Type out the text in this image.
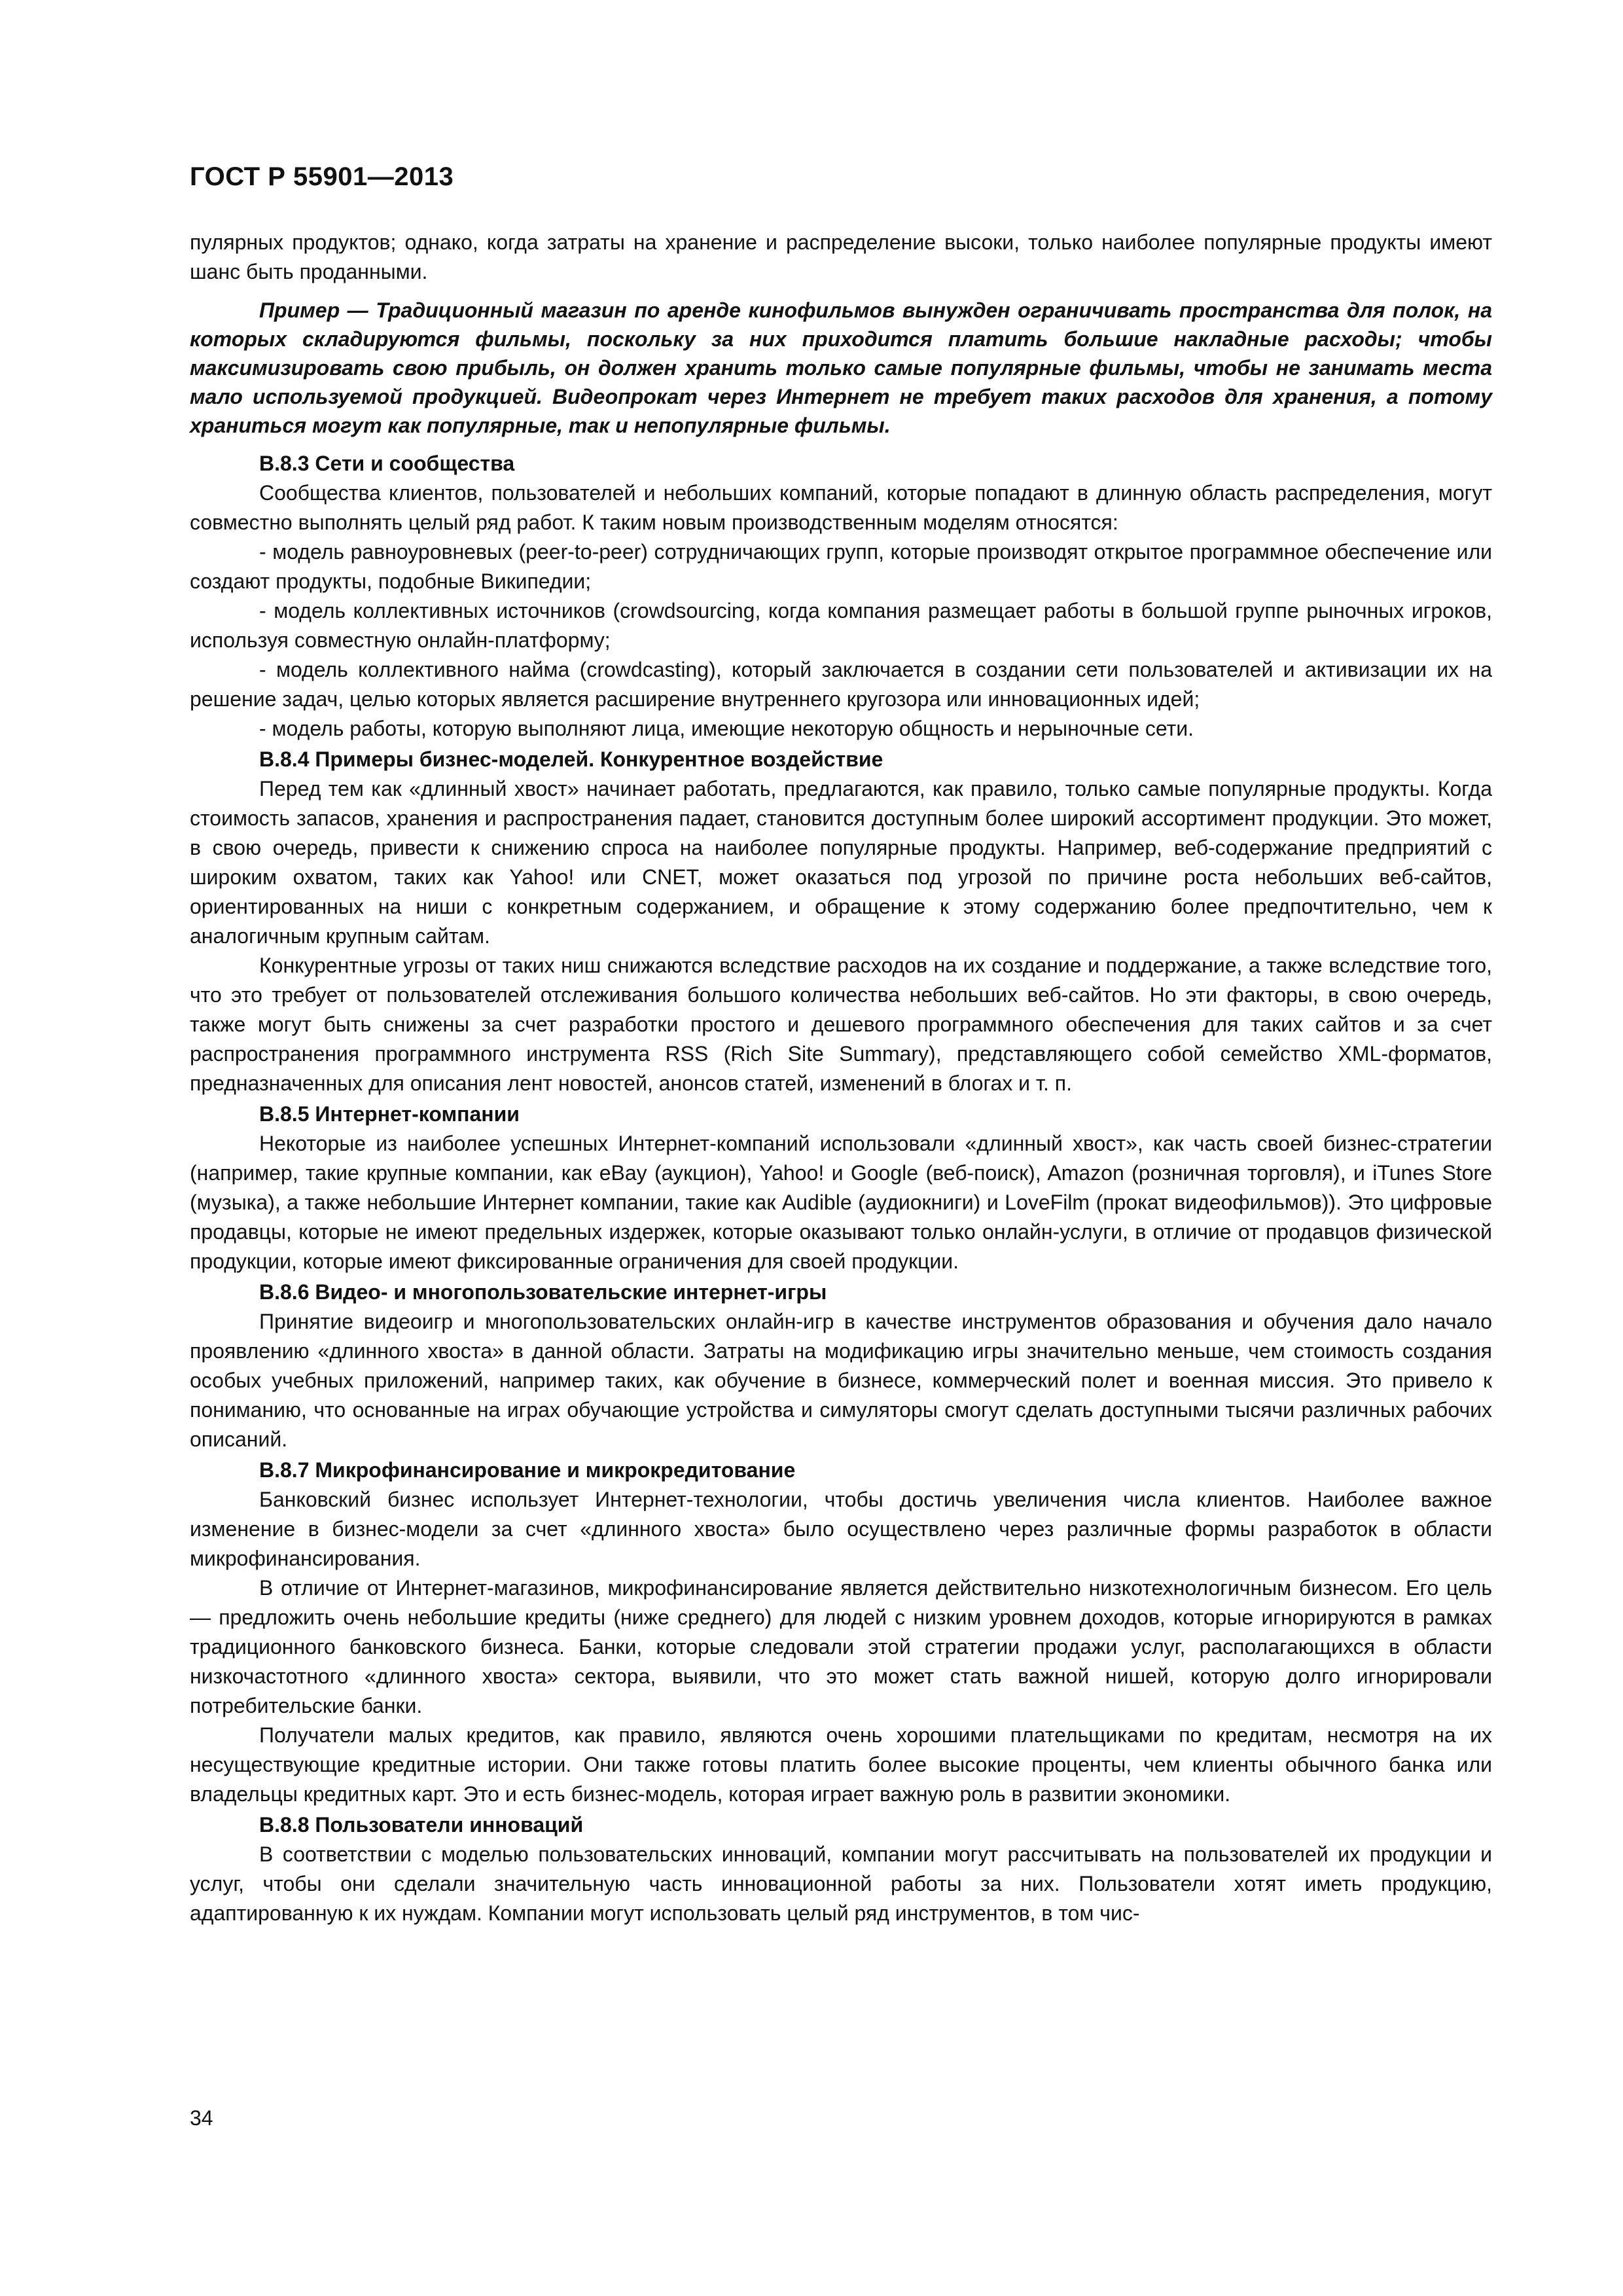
ГОСТ Р 55901—2013

пулярных продуктов; однако, когда затраты на хранение и распределение высоки, только наиболее популярные продукты имеют шанс быть проданными.

Пример — Традиционный магазин по аренде кинофильмов вынужден ограничивать пространства для полок, на которых складируются фильмы, поскольку за них приходится платить большие накладные расходы; чтобы максимизировать свою прибыль, он должен хранить только самые популярные фильмы, чтобы не занимать места мало используемой продукцией. Видеопрокат через Интернет не требует таких расходов для хранения, а потому храниться могут как популярные, так и непопулярные фильмы.

В.8.3 Сети и сообщества

Сообщества клиентов, пользователей и небольших компаний, которые попадают в длинную область распределения, могут совместно выполнять целый ряд работ. К таким новым производственным моделям относятся:

- модель равноуровневых (peer-to-peer) сотрудничающих групп, которые производят открытое программное обеспечение или создают продукты, подобные Википедии;

- модель коллективных источников (crowdsourcing, когда компания размещает работы в большой группе рыночных игроков, используя совместную онлайн-платформу;

- модель коллективного найма (crowdcasting), который заключается в создании сети пользователей и активизации их на решение задач, целью которых является расширение внутреннего кругозора или инновационных идей;

- модель работы, которую выполняют лица, имеющие некоторую общность и нерыночные сети.

В.8.4 Примеры бизнес-моделей. Конкурентное воздействие

Перед тем как «длинный хвост» начинает работать, предлагаются, как правило, только самые популярные продукты. Когда стоимость запасов, хранения и распространения падает, становится доступным более широкий ассортимент продукции. Это может, в свою очередь, привести к снижению спроса на наиболее популярные продукты. Например, веб-содержание предприятий с широким охватом, таких как Yahoo! или CNET, может оказаться под угрозой по причине роста небольших веб-сайтов, ориентированных на ниши с конкретным содержанием, и обращение к этому содержанию более предпочтительно, чем к аналогичным крупным сайтам.

Конкурентные угрозы от таких ниш снижаются вследствие расходов на их создание и поддержание, а также вследствие того, что это требует от пользователей отслеживания большого количества небольших веб-сайтов. Но эти факторы, в свою очередь, также могут быть снижены за счет разработки простого и дешевого программного обеспечения для таких сайтов и за счет распространения программного инструмента RSS (Rich Site Summary), представляющего собой семейство XML-форматов, предназначенных для описания лент новостей, анонсов статей, изменений в блогах и т. п.

В.8.5 Интернет-компании

Некоторые из наиболее успешных Интернет-компаний использовали «длинный хвост», как часть своей бизнес-стратегии (например, такие крупные компании, как eBay (аукцион), Yahoo! и Google (веб-поиск), Amazon (розничная торговля), и iTunes Store (музыка), а также небольшие Интернет компании, такие как Audible (аудиокниги) и LoveFilm (прокат видеофильмов)). Это цифровые продавцы, которые не имеют предельных издержек, которые оказывают только онлайн-услуги, в отличие от продавцов физической продукции, которые имеют фиксированные ограничения для своей продукции.

В.8.6 Видео- и многопользовательские интернет-игры

Принятие видеоигр и многопользовательских онлайн-игр в качестве инструментов образования и обучения дало начало проявлению «длинного хвоста» в данной области. Затраты на модификацию игры значительно меньше, чем стоимость создания особых учебных приложений, например таких, как обучение в бизнесе, коммерческий полет и военная миссия. Это привело к пониманию, что основанные на играх обучающие устройства и симуляторы смогут сделать доступными тысячи различных рабочих описаний.

В.8.7 Микрофинансирование и микрокредитование

Банковский бизнес использует Интернет-технологии, чтобы достичь увеличения числа клиентов. Наиболее важное изменение в бизнес-модели за счет «длинного хвоста» было осуществлено через различные формы разработок в области микрофинансирования.

В отличие от Интернет-магазинов, микрофинансирование является действительно низкотехнологичным бизнесом. Его цель — предложить очень небольшие кредиты (ниже среднего) для людей с низким уровнем доходов, которые игнорируются в рамках традиционного банковского бизнеса. Банки, которые следовали этой стратегии продажи услуг, располагающихся в области низкочастотного «длинного хвоста» сектора, выявили, что это может стать важной нишей, которую долго игнорировали потребительские банки.

Получатели малых кредитов, как правило, являются очень хорошими плательщиками по кредитам, несмотря на их несуществующие кредитные истории. Они также готовы платить более высокие проценты, чем клиенты обычного банка или владельцы кредитных карт. Это и есть бизнес-модель, которая играет важную роль в развитии экономики.

В.8.8 Пользователи инноваций

В соответствии с моделью пользовательских инноваций, компании могут рассчитывать на пользователей их продукции и услуг, чтобы они сделали значительную часть инновационной работы за них. Пользователи хотят иметь продукцию, адаптированную к их нуждам. Компании могут использовать целый ряд инструментов, в том чис-

34
